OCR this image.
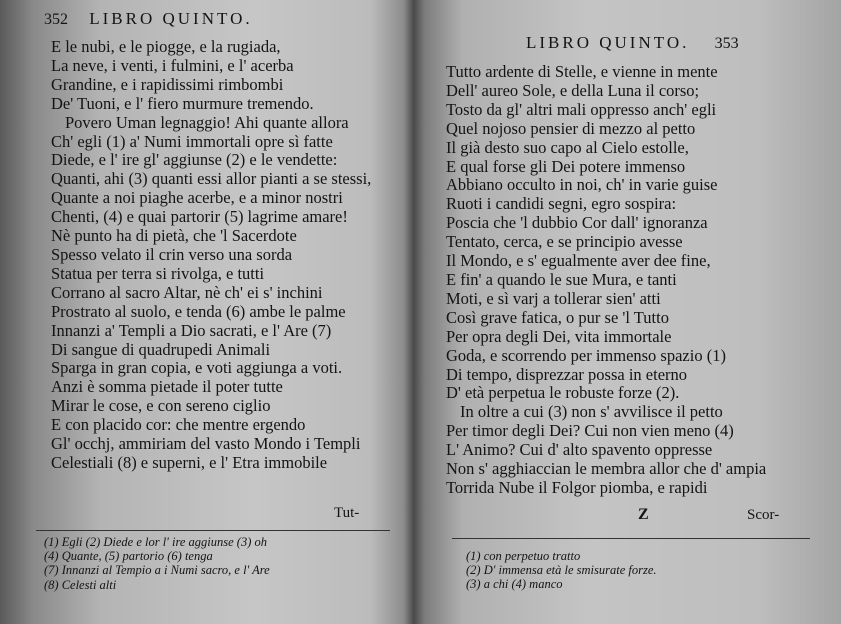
352 LIBRO QUINTO.
E le nubi, e le piogge, e la rugiada,
La neve, i venti, i fulmini, e l' acerba
Grandine, e i rapidissimi rimbombi
De' Tuoni, e l' fiero murmure tremendo.
Povero Uman legnaggio! Ahi quante allora
Ch' egli (1) a' Numi immortali opre sì fatte
Diede, e l' ire gl' aggiunse (2) e le vendette:
Quanti, ahi (3) quanti essi allor pianti a se stessi,
Quante a noi piaghe acerbe, e a minor nostri
Chenti, (4) e quai partorir (5) lagrime amare!
Nè punto ha di pietà, che 'l Sacerdote
Spesso velato il crin verso una sorda
Statua per terra si rivolga, e tutti
Corrano al sacro Altar, nè ch' ei s' inchini
Prostrato al suolo, e tenda (6) ambe le palme
Innanzi a' Templi a Dio sacrati, e l' Are (7)
Di sangue di quadrupedi Animali
Sparga in gran copia, e voti aggiunga a voti.
Anzi è somma pietade il poter tutte
Mirar le cose, e con sereno ciglio
E con placido cor: che mentre ergendo
Gl' occhj, ammiriam del vasto Mondo i Templi
Celestiali (8) e superni, e l' Etra immobile
Tut-
(1) Egli (2) Diede e lor l' ire aggiunse (3) oh
(4) Quante, (5) partorio (6) tenga
(7) Innanzi al Tempio a i Numi sacro, e l' Are
(8) Celesti alti
LIBRO QUINTO. 353
Tutto ardente di Stelle, e vienne in mente
Dell' aureo Sole, e della Luna il corso;
Tosto da gl' altri mali oppresso anch' egli
Quel nojoso pensier di mezzo al petto
Il già desto suo capo al Cielo estolle,
E qual forse gli Dei potere immenso
Abbiano occulto in noi, ch' in varie guise
Ruoti i candidi segni, egro sospira:
Poscia che 'l dubbio Cor dall' ignoranza
Tentato, cerca, e se principio avesse
Il Mondo, e s' egualmente aver dee fine,
E fin' a quando le sue Mura, e tanti
Moti, e sì varj a tollerar sien' atti
Così grave fatica, o pur se 'l Tutto
Per opra degli Dei, vita immortale
Goda, e scorrendo per immenso spazio (1)
Di tempo, disprezzar possa in eterno
D' età perpetua le robuste forze (2).
In oltre a cui (3) non s' avvilisce il petto
Per timor degli Dei? Cui non vien meno (4)
L' Animo? Cui d' alto spavento oppresse
Non s' agghiaccian le membra allor che d' ampia
Torrida Nube il Folgor piomba, e rapidi
Z	Scor-
(1) con perpetuo tratto
(2) D' immensa età le smisurate forze.
(3) a chi (4) manco
